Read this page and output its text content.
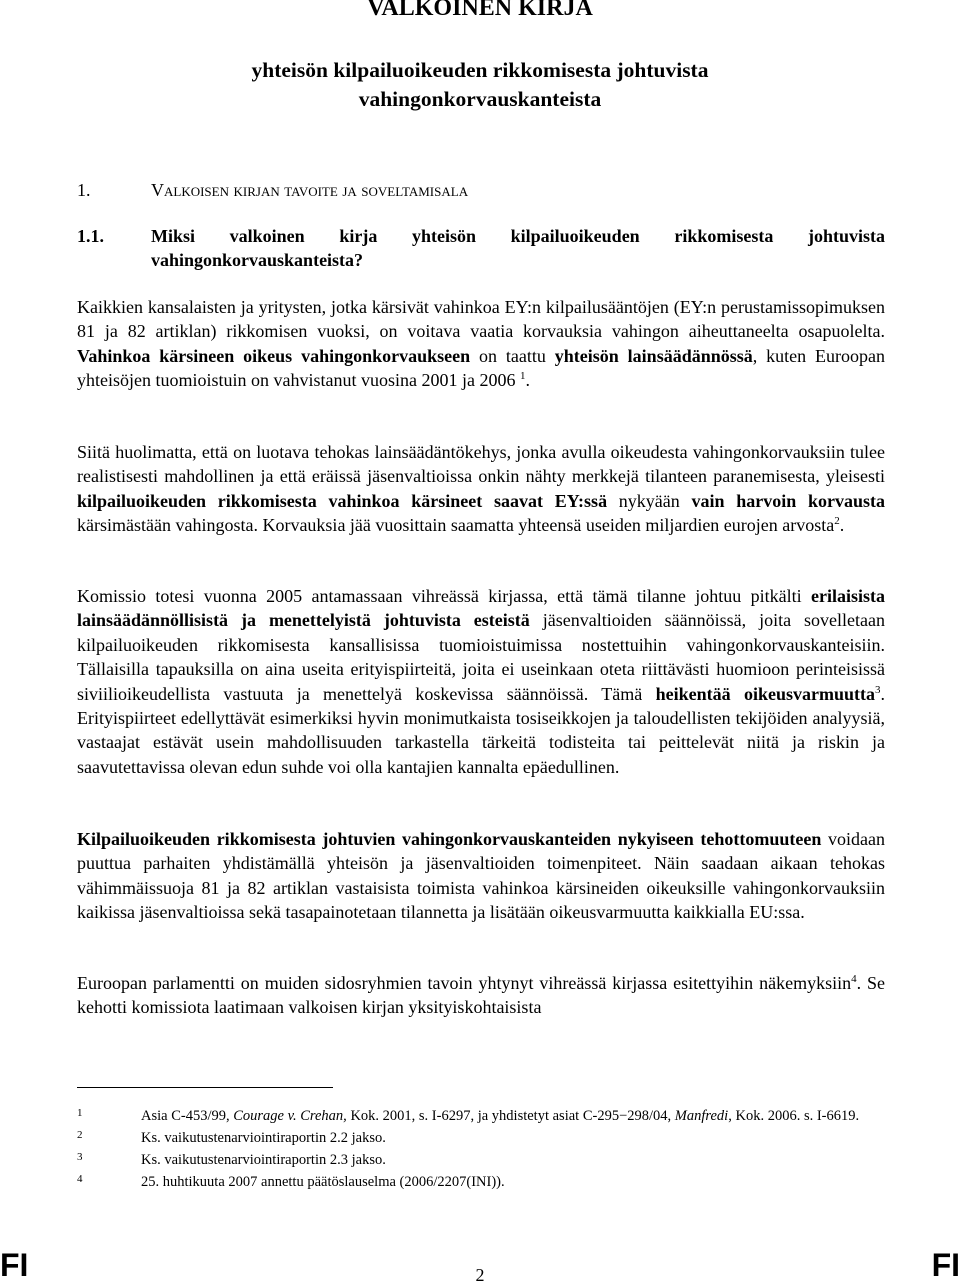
VALKOINEN KIRJA
yhteisön kilpailuoikeuden rikkomisesta johtuvista
vahingonkorvauskanteista
1.	Valkoisen kirjan tavoite ja soveltamisala
1.1.	Miksi valkoinen kirja yhteisön kilpailuoikeuden rikkomisesta johtuvista vahingonkorvauskanteista?

Kaikkien kansalaisten ja yritysten, jotka kärsivät vahinkoa EY:n kilpailusääntöjen (EY:n perustamissopimuksen 81 ja 82 artiklan) rikkomisen vuoksi, on voitava vaatia korvauksia vahingon aiheuttaneelta osapuolelta. Vahinkoa kärsineen oikeus vahingonkorvaukseen on taattu yhteisön lainsäädännössä, kuten Euroopan yhteisöjen tuomioistuin on vahvistanut vuosina 2001 ja 2006 $^1$.

Siitä huolimatta, että on luotava tehokas lainsäädäntökehys, jonka avulla oikeudesta vahingonkorvauksiin tulee realistisesti mahdollinen ja että eräissä jäsenvaltioissa onkin nähty merkkejä tilanteen paranemisesta, yleisesti kilpailuoikeuden rikkomisesta vahinkoa kärsineet saavat EY:ssä nykyään vain harvoin korvausta kärsimästään vahingosta. Korvauksia jää vuosittain saamatta yhteensä useiden miljardien eurojen arvosta$^2$.

Komissio totesi vuonna 2005 antamassaan vihreässä kirjassa, että tämä tilanne johtuu pitkälti erilaisista lainsäädännöllisistä ja menettelyistä johtuvista esteistä jäsenvaltioiden säännöissä, joita sovelletaan kilpailuoikeuden rikkomisesta kansallisissa tuomioistuimissa nostettuihin vahingonkorvauskanteisiin. Tällaisilla tapauksilla on aina useita erityispiirteitä, joita ei useinkaan oteta riittävästi huomioon perinteisissä siviilioikeudellista vastuuta ja menettelyä koskevissa säännöissä. Tämä heikentää oikeusvarmuutta$^3$. Erityispiirteet edellyttävät esimerkiksi hyvin monimutkaista tosiseikkojen ja taloudellisten tekijöiden analyysiä, vastaajat estävät usein mahdollisuuden tarkastella tärkeitä todisteita tai peittelevät niitä ja riskin ja saavutettavissa olevan edun suhde voi olla kantajien kannalta epäedullinen.

Kilpailuoikeuden rikkomisesta johtuvien vahingonkorvauskanteiden nykyiseen tehottomuuteen voidaan puuttua parhaiten yhdistämällä yhteisön ja jäsenvaltioiden toimenpiteet. Näin saadaan aikaan tehokas vähimmäissuoja 81 ja 82 artiklan vastaisista toimista vahinkoa kärsineiden oikeuksille vahingonkorvauksiin kaikissa jäsenvaltioissa sekä tasapainotetaan tilannetta ja lisätään oikeusvarmuutta kaikkialla EU:ssa.

Euroopan parlamentti on muiden sidosryhmien tavoin yhtynyt vihreässä kirjassa esitettyihin näkemyksiin$^4$. Se kehotti komissiota laatimaan valkoisen kirjan yksityiskohtaisista

1	Asia C-453/99, Courage v. Crehan, Kok. 2001, s. I-6297, ja yhdistetyt asiat C-295−298/04, Manfredi, Kok. 2006. s. I-6619.
2	Ks. vaikutustenarviointiraportin 2.2 jakso.
3	Ks. vaikutustenarviointiraportin 2.3 jakso.
4	25. huhtikuuta 2007 annettu päätöslauselma (2006/2207(INI)).
FI	2	FI
